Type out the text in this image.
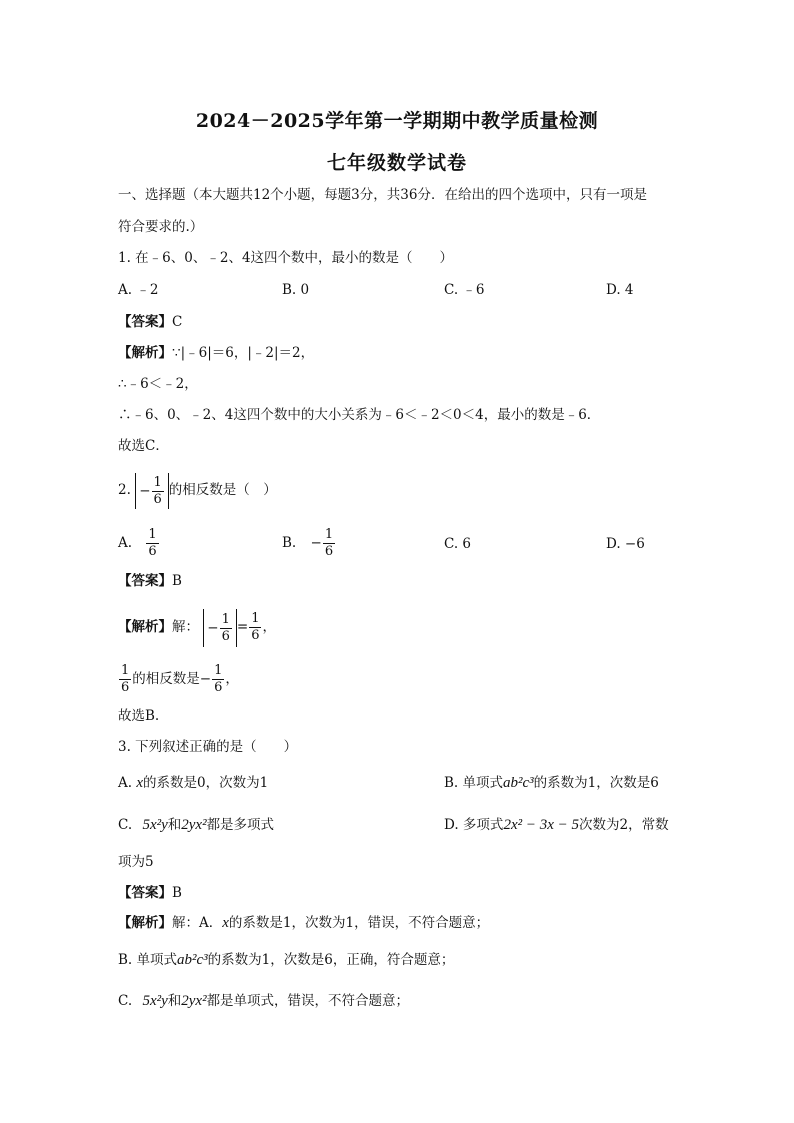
2024－2025学年第一学期期中教学质量检测
七年级数学试卷
一、选择题（本大题共12个小题，每题3分，共36分．在给出的四个选项中，只有一项是
符合要求的.）
1. 在﹣6、0、﹣2、4这四个数中，最小的数是（　　）
A. ﹣2	B. 0	C. ﹣6	D. 4
【答案】C
【解析】∵|﹣6|＝6，|﹣2|＝2，
∴﹣6＜﹣2，
∴﹣6、0、﹣2、4这四个数中的大小关系为﹣6＜﹣2＜0＜4，最小的数是﹣6．
故选C．
2. − $\frac{1}{6}$ 的相反数是（　）
A. $\frac{1}{6}$	B. − $\frac{1}{6}$	C. 6	D. −6
【答案】B
【解析】解： − $\frac{1}{6} = \frac{1}{6}$ ，
$\frac{1}{6}$ 的相反数是− $\frac{1}{6}$ ，
故选B.
3. 下列叙述正确的是（　　）
A. x的系数是0，次数为1	B. 单项式ab²c³的系数为1，次数是6
C. 5x²y和2yx²都是多项式	D. 多项式2x² − 3x − 5次数为2，常数
项为5
【答案】B
【解析】解：A．x的系数是1，次数为1，错误，不符合题意；
B. 单项式ab²c³的系数为1，次数是6，正确，符合题意；
C. 5x²y和2yx²都是单项式，错误，不符合题意；
